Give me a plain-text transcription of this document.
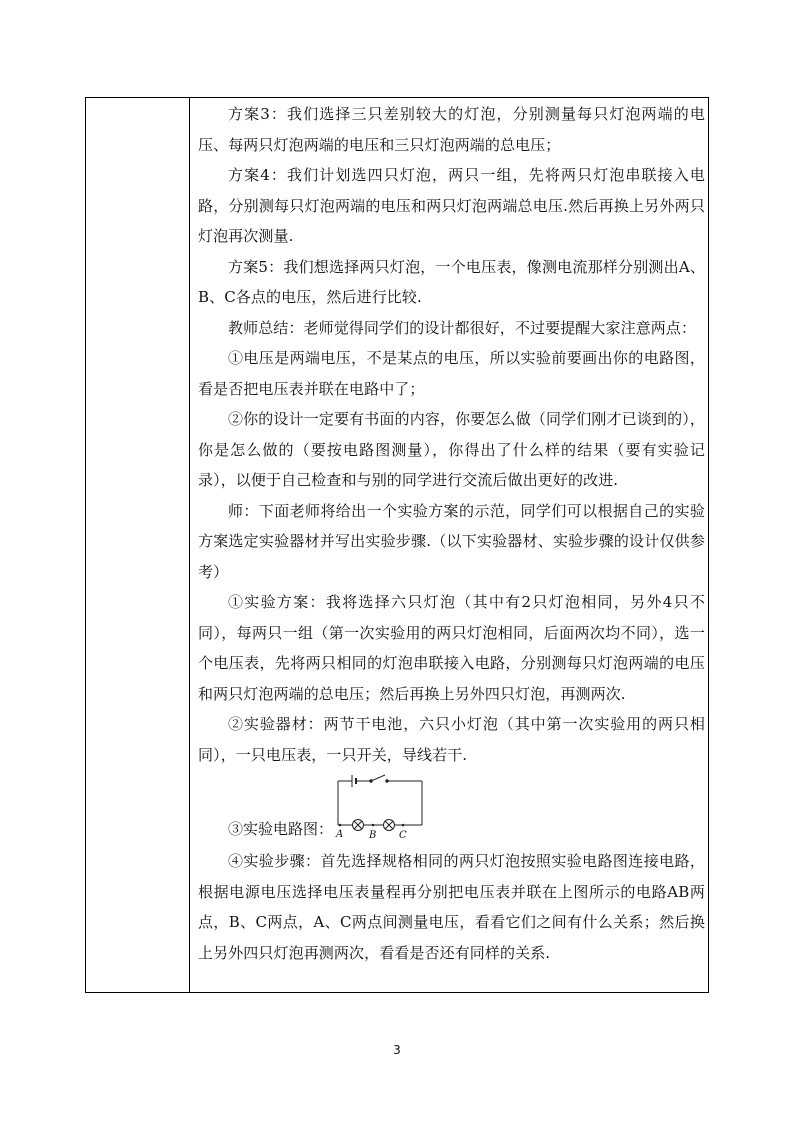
方案3：我们选择三只差别较大的灯泡，分别测量每只灯泡两端的电压、每两只灯泡两端的电压和三只灯泡两端的总电压；

方案4：我们计划选四只灯泡，两只一组，先将两只灯泡串联接入电路，分别测每只灯泡两端的电压和两只灯泡两端总电压.然后再换上另外两只灯泡再次测量.

方案5：我们想选择两只灯泡，一个电压表，像测电流那样分别测出A、B、C各点的电压，然后进行比较.

教师总结：老师觉得同学们的设计都很好，不过要提醒大家注意两点：

①电压是两端电压，不是某点的电压，所以实验前要画出你的电路图，看是否把电压表并联在电路中了；

②你的设计一定要有书面的内容，你要怎么做（同学们刚才已谈到的），你是怎么做的（要按电路图测量），你得出了什么样的结果（要有实验记录），以便于自己检查和与别的同学进行交流后做出更好的改进.

师：下面老师将给出一个实验方案的示范，同学们可以根据自己的实验方案选定实验器材并写出实验步骤.（以下实验器材、实验步骤的设计仅供参考）

①实验方案：我将选择六只灯泡（其中有2只灯泡相同，另外4只不同），每两只一组（第一次实验用的两只灯泡相同，后面两次均不同），选一个电压表，先将两只相同的灯泡串联接入电路，分别测每只灯泡两端的电压和两只灯泡两端的总电压；然后再换上另外四只灯泡，再测两次.

②实验器材：两节干电池，六只小灯泡（其中第一次实验用的两只相同），一只电压表，一只开关，导线若干.

③实验电路图： A	B C

④实验步骤：首先选择规格相同的两只灯泡按照实验电路图连接电路，根据电源电压选择电压表量程再分别把电压表并联在上图所示的电路AB两点，B、C两点，A、C两点间测量电压，看看它们之间有什么关系；然后换上另外四只灯泡再测两次，看看是否还有同样的关系.

3
